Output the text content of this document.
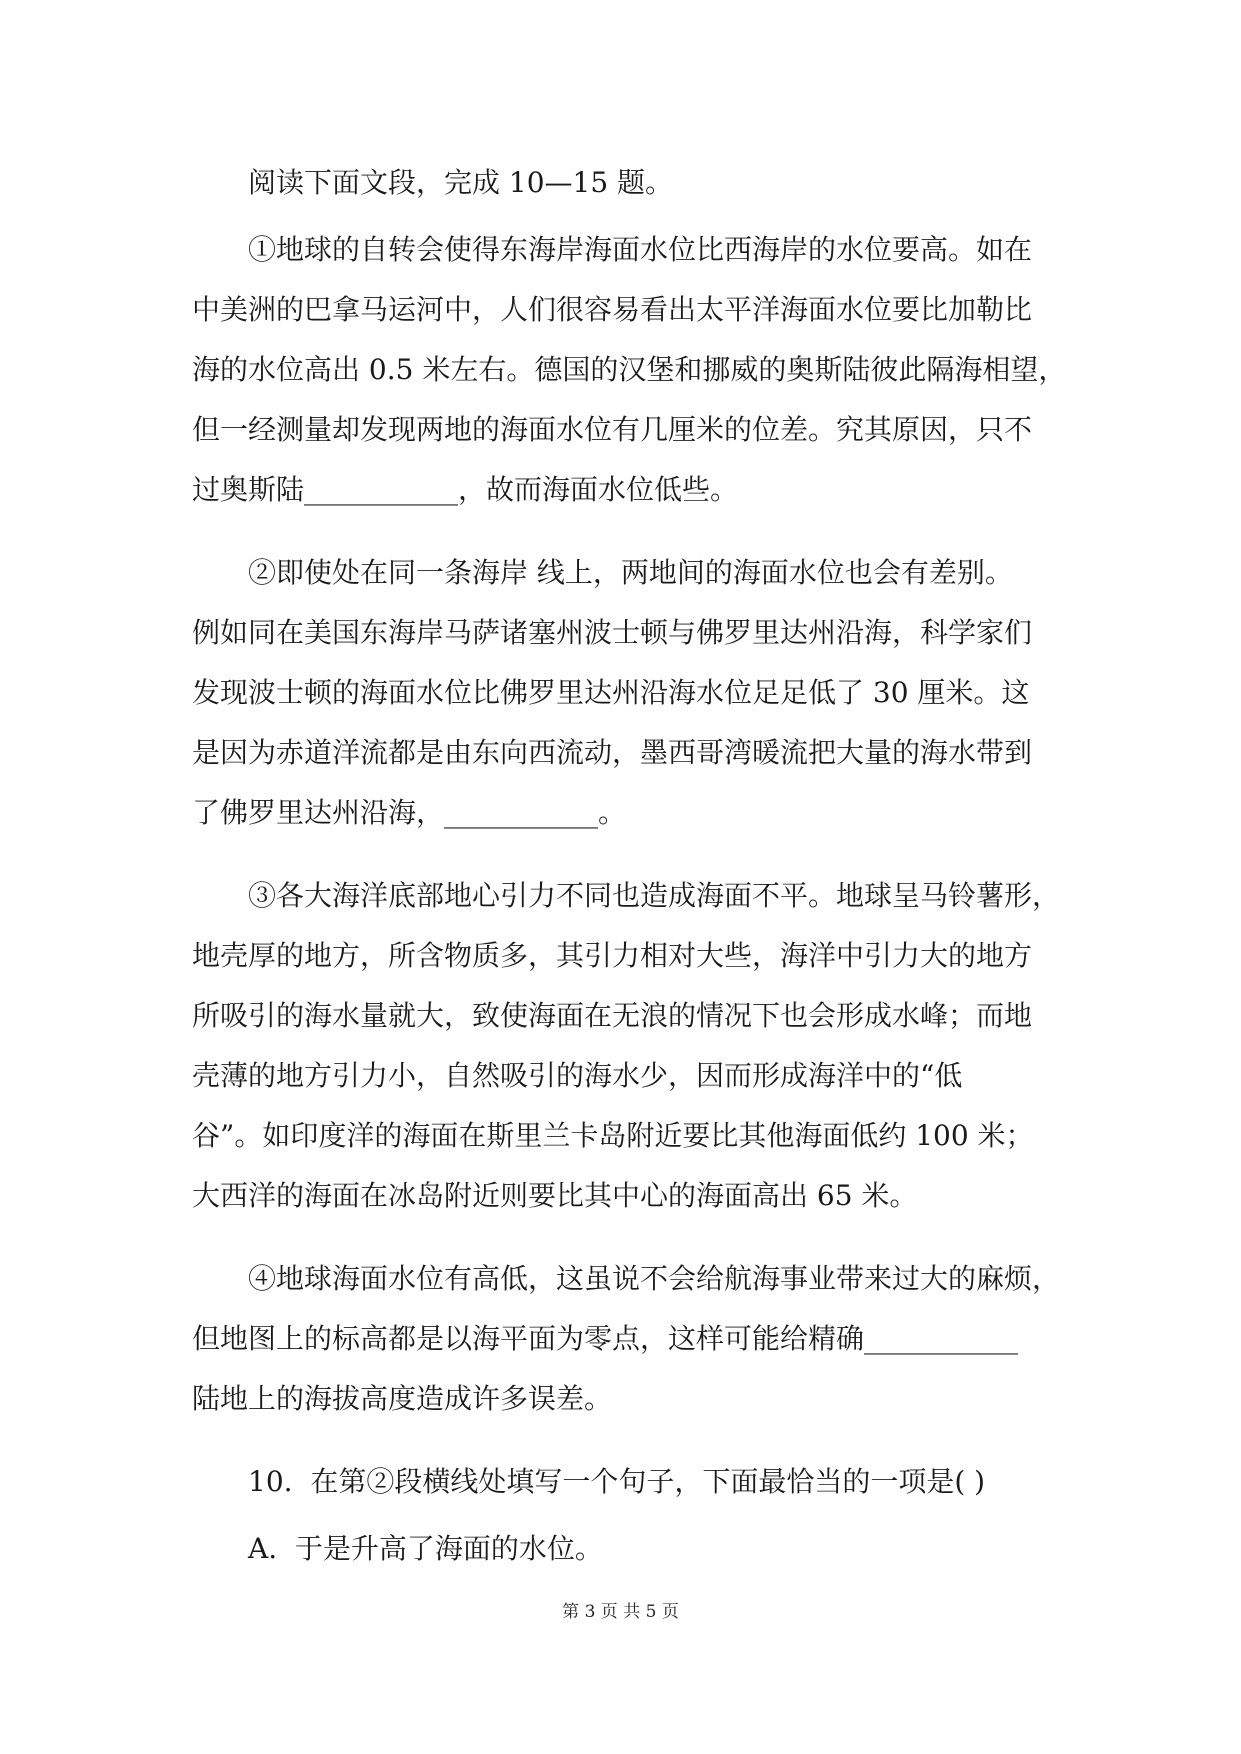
阅读下面文段，完成 10—15 题。
①地球的自转会使得东海岸海面水位比西海岸的水位要高。如在
中美洲的巴拿马运河中，人们很容易看出太平洋海面水位要比加勒比
海的水位高出 0.5 米左右。德国的汉堡和挪威的奥斯陆彼此隔海相望，
但一经测量却发现两地的海面水位有几厘米的位差。究其原因，只不
过奥斯陆___________，故而海面水位低些。
②即使处在同一条海岸 线上，两地间的海面水位也会有差别。
例如同在美国东海岸马萨诸塞州波士顿与佛罗里达州沿海，科学家们
发现波士顿的海面水位比佛罗里达州沿海水位足足低了 30 厘米。这
是因为赤道洋流都是由东向西流动，墨西哥湾暖流把大量的海水带到
了佛罗里达州沿海，___________。
③各大海洋底部地心引力不同也造成海面不平。地球呈马铃薯形，
地壳厚的地方，所含物质多，其引力相对大些，海洋中引力大的地方
所吸引的海水量就大，致使海面在无浪的情况下也会形成水峰；而地
壳薄的地方引力小，自然吸引的海水少，因而形成海洋中的“低
谷”。如印度洋的海面在斯里兰卡岛附近要比其他海面低约 100 米；
大西洋的海面在冰岛附近则要比其中心的海面高出 65 米。
④地球海面水位有高低，这虽说不会给航海事业带来过大的麻烦，
但地图上的标高都是以海平面为零点，这样可能给精确___________
陆地上的海拔高度造成许多误差。
10.  在第②段横线处填写一个句子，下面最恰当的一项是( )
A.  于是升高了海面的水位。
第 3 页 共 5 页
